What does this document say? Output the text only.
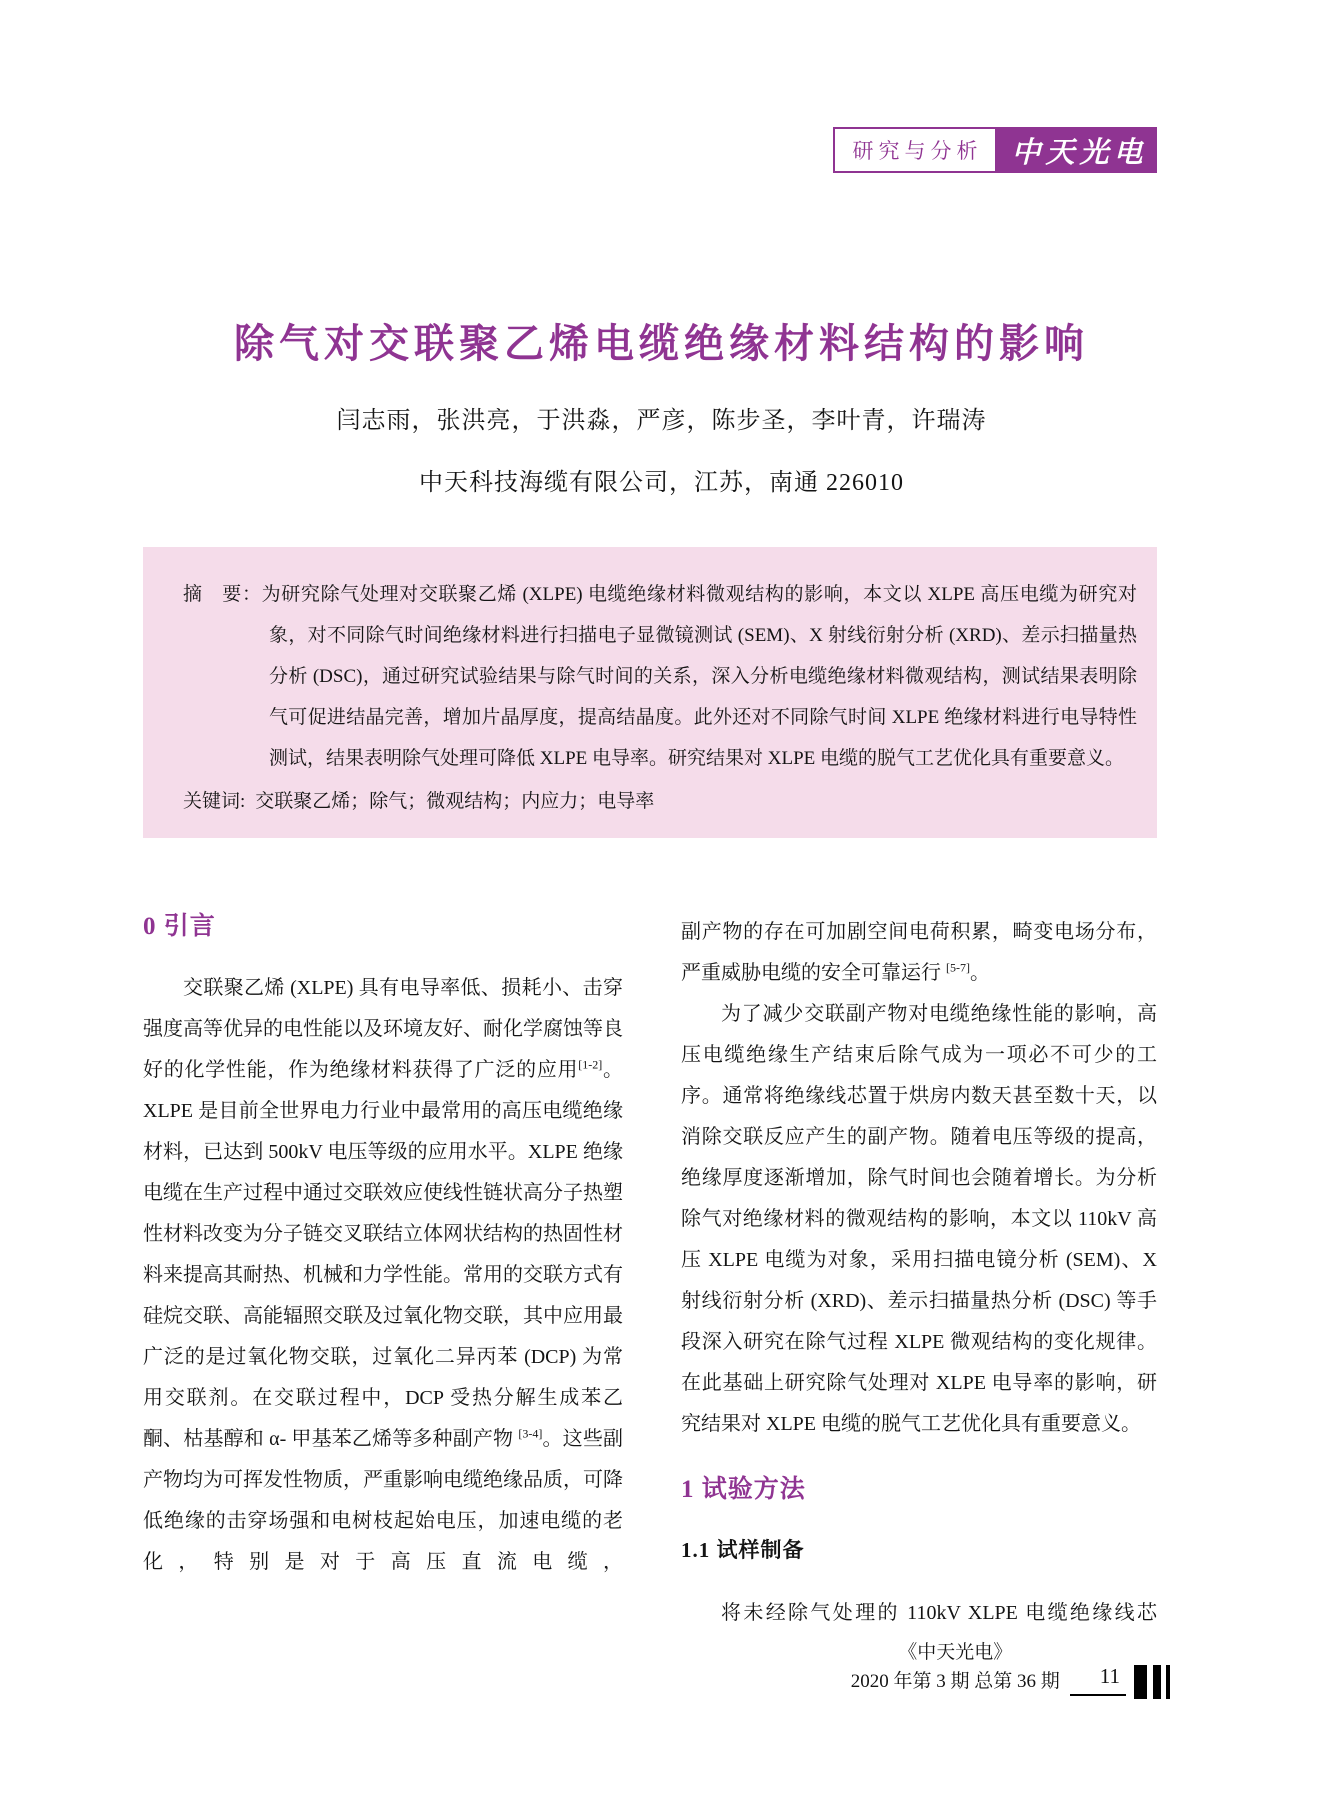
研究与分析 中天光电
除气对交联聚乙烯电缆绝缘材料结构的影响
闫志雨，张洪亮，于洪淼，严彦，陈步圣，李叶青，许瑞涛
中天科技海缆有限公司，江苏，南通 226010

摘　要：为研究除气处理对交联聚乙烯 (XLPE) 电缆绝缘材料微观结构的影响，本文以 XLPE 高压电缆为研究对象，对不同除气时间绝缘材料进行扫描电子显微镜测试 (SEM)、X 射线衍射分析 (XRD)、差示扫描量热分析 (DSC)，通过研究试验结果与除气时间的关系，深入分析电缆绝缘材料微观结构，测试结果表明除气可促进结晶完善，增加片晶厚度，提高结晶度。此外还对不同除气时间 XLPE 绝缘材料进行电导特性测试，结果表明除气处理可降低 XLPE 电导率。研究结果对 XLPE 电缆的脱气工艺优化具有重要意义。

关键词: 交联聚乙烯；除气；微观结构；内应力；电导率

0 引言

交联聚乙烯 (XLPE) 具有电导率低、损耗小、击穿强度高等优异的电性能以及环境友好、耐化学腐蚀等良好的化学性能，作为绝缘材料获得了广泛的应用[1-2]。XLPE 是目前全世界电力行业中最常用的高压电缆绝缘材料，已达到 500kV 电压等级的应用水平。XLPE 绝缘电缆在生产过程中通过交联效应使线性链状高分子热塑性材料改变为分子链交叉联结立体网状结构的热固性材料来提高其耐热、机械和力学性能。常用的交联方式有硅烷交联、高能辐照交联及过氧化物交联，其中应用最广泛的是过氧化物交联，过氧化二异丙苯 (DCP) 为常用交联剂。在交联过程中，DCP 受热分解生成苯乙酮、枯基醇和 α- 甲基苯乙烯等多种副产物 [3-4]。这些副产物均为可挥发性物质，严重影响电缆绝缘品质，可降低绝缘的击穿场强和电树枝起始电压，加速电缆的老化，特别是对于高压直流电缆，

副产物的存在可加剧空间电荷积累，畸变电场分布，严重威胁电缆的安全可靠运行 [5-7]。

为了减少交联副产物对电缆绝缘性能的影响，高压电缆绝缘生产结束后除气成为一项必不可少的工序。通常将绝缘线芯置于烘房内数天甚至数十天，以消除交联反应产生的副产物。随着电压等级的提高，绝缘厚度逐渐增加，除气时间也会随着增长。为分析除气对绝缘材料的微观结构的影响，本文以 110kV 高压 XLPE 电缆为对象，采用扫描电镜分析 (SEM)、X 射线衍射分析 (XRD)、差示扫描量热分析 (DSC) 等手段深入研究在除气过程 XLPE 微观结构的变化规律。在此基础上研究除气处理对 XLPE 电导率的影响，研究结果对 XLPE 电缆的脱气工艺优化具有重要意义。

1 试验方法
1.1 试样制备

将未经除气处理的 110kV XLPE 电缆绝缘线芯

《中天光电》
2020 年第 3 期 总第 36 期	11
